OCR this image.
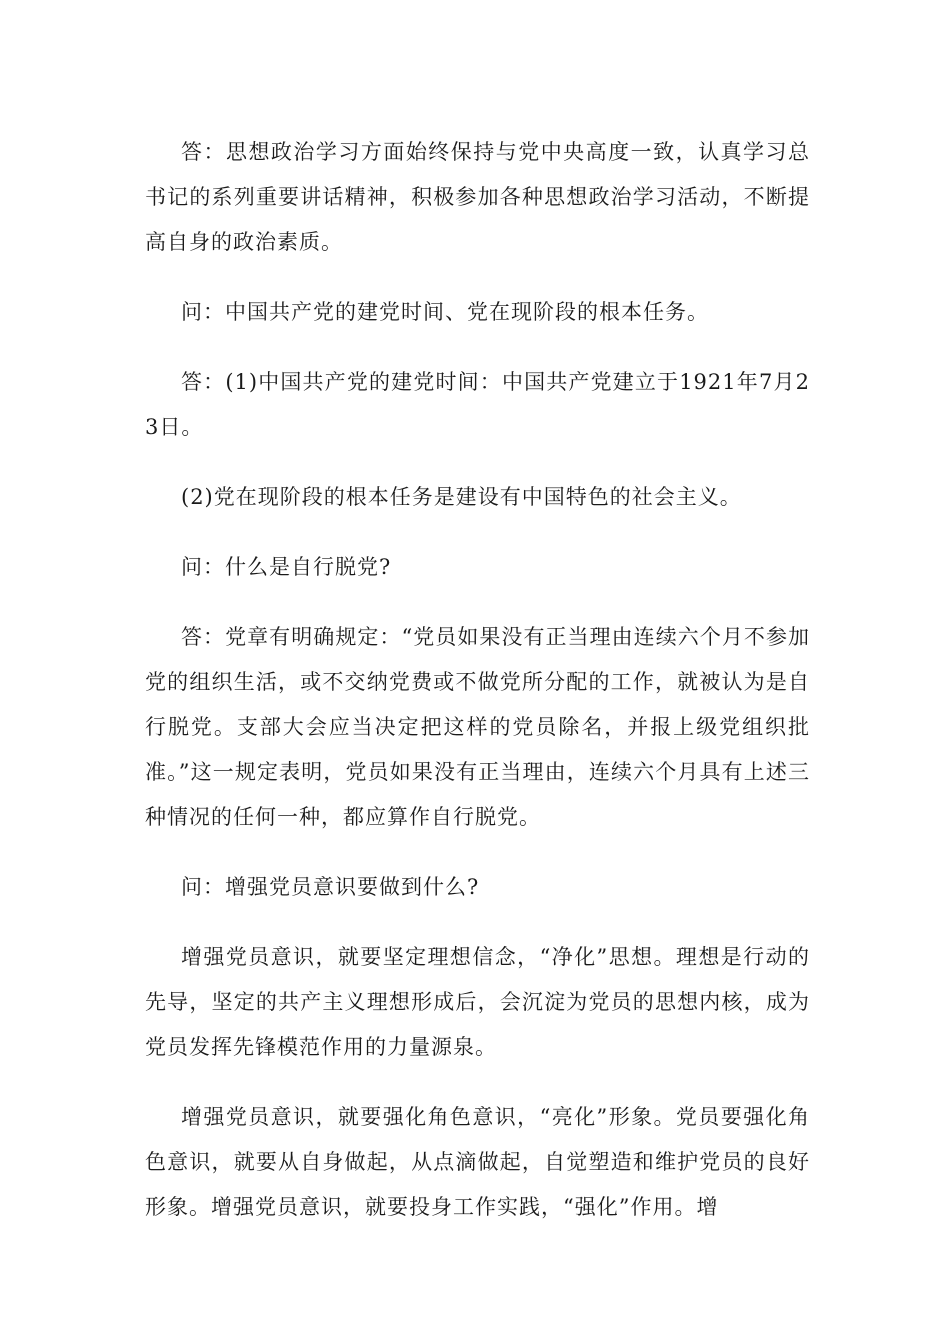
答：思想政治学习方面始终保持与党中央高度一致，认真学习总书记的系列重要讲话精神，积极参加各种思想政治学习活动，不断提高自身的政治素质。

问：中国共产党的建党时间、党在现阶段的根本任务。

答：(1)中国共产党的建党时间：中国共产党建立于1921年7月23日。

(2)党在现阶段的根本任务是建设有中国特色的社会主义。

问：什么是自行脱党?

答：党章有明确规定：“党员如果没有正当理由连续六个月不参加党的组织生活，或不交纳党费或不做党所分配的工作，就被认为是自行脱党。支部大会应当决定把这样的党员除名，并报上级党组织批准。”这一规定表明，党员如果没有正当理由，连续六个月具有上述三种情况的任何一种，都应算作自行脱党。

问：增强党员意识要做到什么?

增强党员意识，就要坚定理想信念，“净化”思想。理想是行动的先导，坚定的共产主义理想形成后，会沉淀为党员的思想内核，成为党员发挥先锋模范作用的力量源泉。

增强党员意识，就要强化角色意识，“亮化”形象。党员要强化角色意识，就要从自身做起，从点滴做起，自觉塑造和维护党员的良好形象。增强党员意识，就要投身工作实践，“强化”作用。增
